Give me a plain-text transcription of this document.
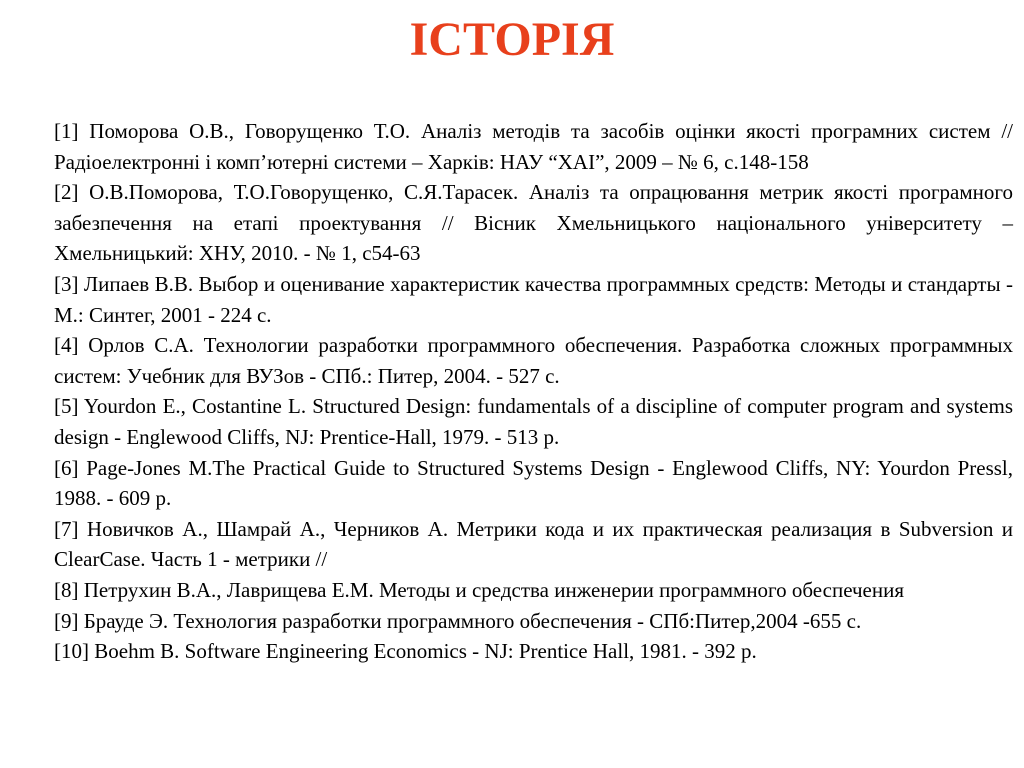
ІСТОРІЯ
[1] Поморова О.В., Говорущенко Т.О. Аналіз методів та засобів оцінки якості програмних систем // Радіоелектронні і комп’ютерні системи – Харків: НАУ “ХАІ”, 2009 – № 6, с.148-158
[2] О.В.Поморова, Т.О.Говорущенко, С.Я.Тарасек. Аналіз та опрацювання метрик якості програмного забезпечення на етапі проектування // Вісник Хмельницького національного університету – Хмельницький: ХНУ, 2010. - № 1, с54-63
[3] Липаев В.В. Выбор и оценивание характеристик качества программных средств: Методы и стандарты - М.: Синтег, 2001 - 224 с.
[4] Орлов С.А. Технологии разработки программного обеспечения. Разработка сложных программных систем: Учебник для ВУЗов - СПб.: Питер, 2004. - 527 с.
[5] Yourdon E., Costantine L. Structured Design: fundamentals of a discipline of computer program and systems design - Englewood Cliffs, NJ: Prentice-Hall, 1979. - 513 p.
[6] Page-Jones M.The Practical Guide to Structured Systems Design - Englewood Cliffs, NY: Yourdon Pressl, 1988. - 609 p.
[7] Новичков А., Шамрай А., Черников А. Метрики кода и их практическая реализация в Subversion и ClearCase. Часть 1 - метрики //
[8] Петрухин В.А., Лаврищева Е.М. Методы и средства инженерии программного обеспечения
[9] Брауде Э. Технология разработки программного обеспечения - СПб:Питер,2004 -655 с.
[10] Boehm B. Software Engineering Economics - NJ: Prentice Hall, 1981. - 392 p.
